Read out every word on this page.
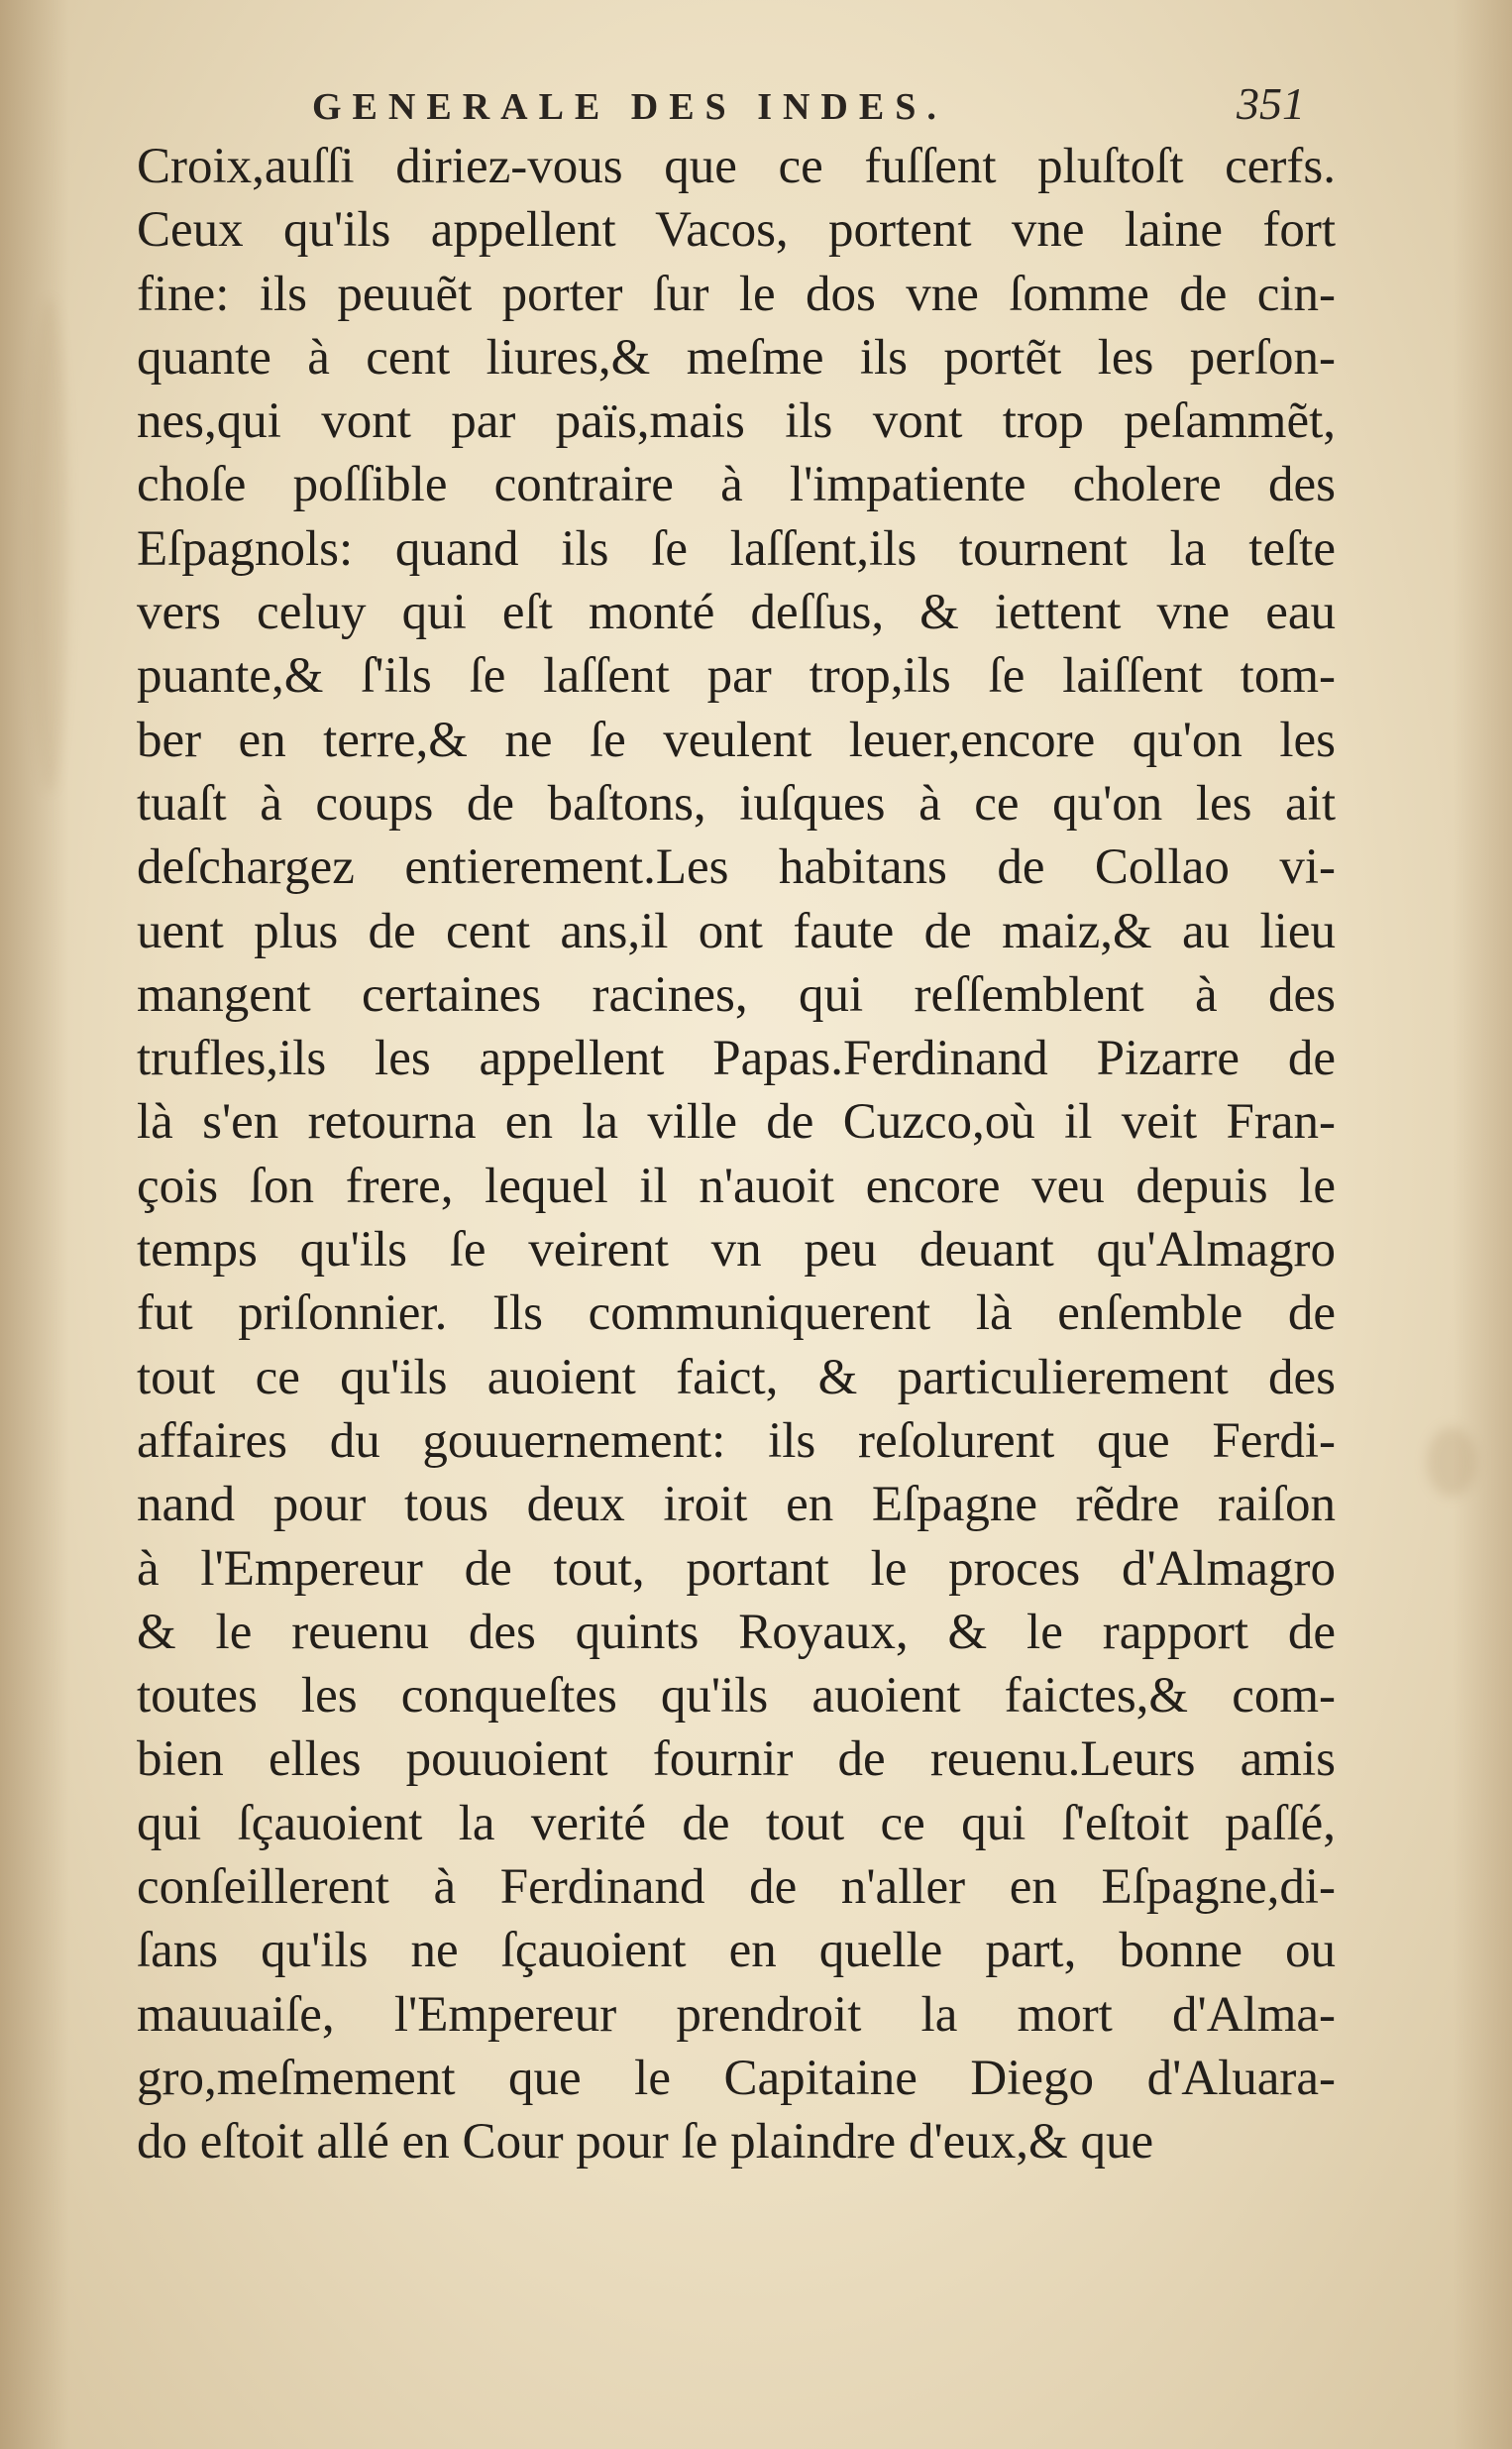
GENERALE DES INDES.	351
Croix,auſſi diriez-vous que ce fuſſent pluſtoſt cerfs.
Ceux qu'ils appellent Vacos, portent vne laine fort
fine: ils peuuẽt porter ſur le dos vne ſomme de cin-
quante à cent liures,& meſme ils portẽt les perſon-
nes,qui vont par païs,mais ils vont trop peſammẽt,
choſe poſſible contraire à l'impatiente cholere des
Eſpagnols: quand ils ſe laſſent,ils tournent la teſte
vers celuy qui eſt monté deſſus, & iettent vne eau
puante,& ſ'ils ſe laſſent par trop,ils ſe laiſſent tom-
ber en terre,& ne ſe veulent leuer,encore qu'on les
tuaſt à coups de baſtons, iuſques à ce qu'on les ait
deſchargez entierement.Les habitans de Collao vi-
uent plus de cent ans,il ont faute de maiz,& au lieu
mangent certaines racines, qui reſſemblent à des
trufles,ils les appellent Papas.Ferdinand Pizarre de
là s'en retourna en la ville de Cuzco,où il veit Fran-
çois ſon frere, lequel il n'auoit encore veu depuis le
temps qu'ils ſe veirent vn peu deuant qu'Almagro
fut priſonnier. Ils communiquerent là enſemble de
tout ce qu'ils auoient faict, & particulierement des
affaires du gouuernement: ils reſolurent que Ferdi-
nand pour tous deux iroit en Eſpagne rẽdre raiſon
à l'Empereur de tout, portant le proces d'Almagro
& le reuenu des quints Royaux, & le rapport de
toutes les conqueſtes qu'ils auoient faictes,& com-
bien elles pouuoient fournir de reuenu.Leurs amis
qui ſçauoient la verité de tout ce qui ſ'eſtoit paſſé,
conſeillerent à Ferdinand de n'aller en Eſpagne,di-
ſans qu'ils ne ſçauoient en quelle part, bonne ou
mauuaiſe, l'Empereur prendroit la mort d'Alma-
gro,meſmement que le Capitaine Diego d'Aluara-
do eſtoit allé en Cour pour ſe plaindre d'eux,& que
